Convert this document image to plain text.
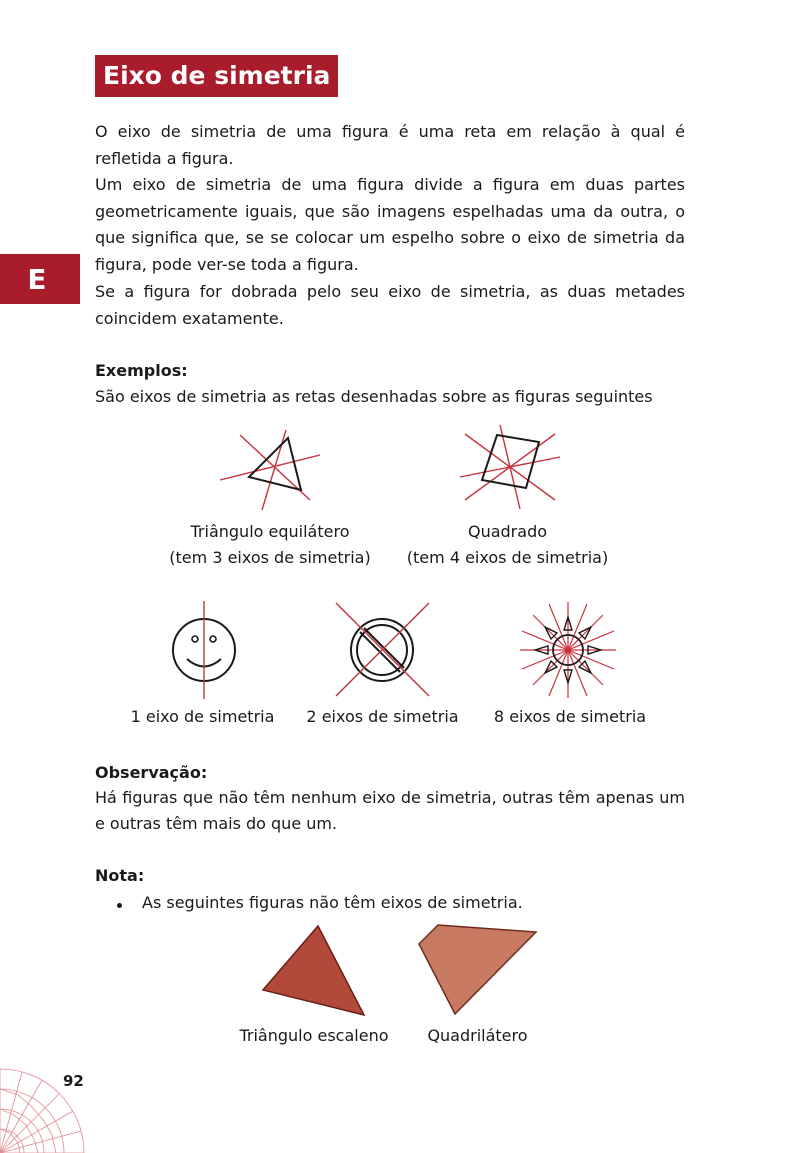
Eixo de simetria
E

O eixo de simetria de uma figura é uma reta em relação à qual é refletida a figura.

Um eixo de simetria de uma figura divide a figura em duas partes geometricamente iguais, que são imagens espelhadas uma da outra, o que significa que, se se colocar um espelho sobre o eixo de simetria da figura, pode ver-se toda a figura.

Se a figura for dobrada pelo seu eixo de simetria, as duas metades coincidem exatamente.

Exemplos:
São eixos de simetria as retas desenhadas sobre as figuras seguintes
Triângulo equilátero
(tem 3 eixos de simetria)
Quadrado
(tem 4 eixos de simetria)
1 eixo de simetria	2 eixos de simetria	8 eixos de simetria
Observação:

Há figuras que não têm nenhum eixo de simetria, outras têm apenas um e outras têm mais do que um.

Nota:
As seguintes figuras não têm eixos de simetria.
Triângulo escaleno	Quadrilátero
92
